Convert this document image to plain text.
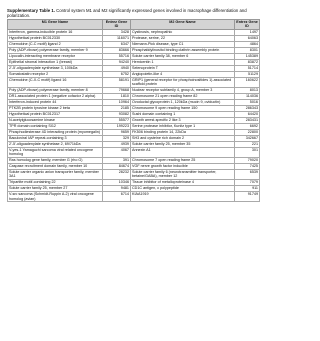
Supplementary Table 1. Control system M1 and M2 significantly expressed genes involved in macrophage differentiation and polarization.

M1 Gene Name	Entrez Gene ID	M2 Gene Name	Entrez Gene ID
Interferon, gamma-inducible protein 16	3428	Cystinosis, nephropathic	1497
Hypothetical protein BC012330	116071	Protease, serine, 22	64063
Chemokine (C-C motif) ligand 2	6347	Niemann-Pick disease, type C1	4864
Poly (ADP-ribose) polymerase family, member 9	83666	Phosphatidylinositol binding clathrin assembly protein	8301
Lipocalin-interacting membrane receptor	55716	Solute carrier family 38, member 6	145389
Epithelial stromal interaction 1 (breast)	94240	Hemicentin 1	83872
2'-5'-oligoadenylate synthetase 3, 100kDa	4940	Selenoprotein T	51714
Somatostatin receptor 2	6752	Angiopoietin-like 4	51129
Chemokine (C-X-C motif) ligand 16	58191	GRIP1 (general receptor for phosphoinositides 1)-associated scaffold protein	160622
Poly (ADP-ribose) polymerase family, member 8	79668	Nuclear receptor subfamily 4, group A, member 3	8013
DR1-associated protein 1 (negative cofactor 2 alpha)	1810	Chromosome 21 open reading frame 82	114036
Interferon-induced protein 44	10964	Ovoductal glycoprotein 1, 120kDa (mucin 9, oviductin)	5016
PTK2B protein tyrosine kinase 2 beta	2185	Chromosome 9 open reading frame 150	286343
Hypothetical protein BC012317	93082	Sushi domain containing 1	64420
N-acetylglucosamine kinase	55577	Growth arrest-specific 2 like 3	283431
TPR domain containing SI12	199223	Serine protease inhibitor, Kunitz type 1	6692
Phosphodiesterase 4D interacting protein (myomegalin)	9659	FK506 binding protein 14, 22kDa	22800
Baculoviral IAP repeat-containing 3	329	SH3 and cysteine rich domain 2	342667
2'-5'-oligoadenylate synthetase 2, 69/71kDa	4939	Solute carrier family 25, member 35	221
V-yes-1 Yamaguchi sarcoma viral related oncogene homolog	4067	Annexin A1	301
Ras homolog gene family, member G (rho G)	391	Chromosome 7 open reading frame 25	79020
Caspase recruitment domain family, member 10	84674	VGF nerve growth factor inducible	7425
Solute carrier organic anion transporter family, member 3A1	28232	Solute carrier family 6 (neurotransmitter transporter, betaine/GABA), member 12	6539
Tripartite motif-containing 22	10346	Tissue inhibitor of metalloproteinase 4	7079
Solute carrier family 25, member 27	9481	CD1C antigen, c polypeptide	911
V-src sarcoma (Schmidt-Ruppin A-2) viral oncogene homolog (avian)	6714	KIAA1919	91749
